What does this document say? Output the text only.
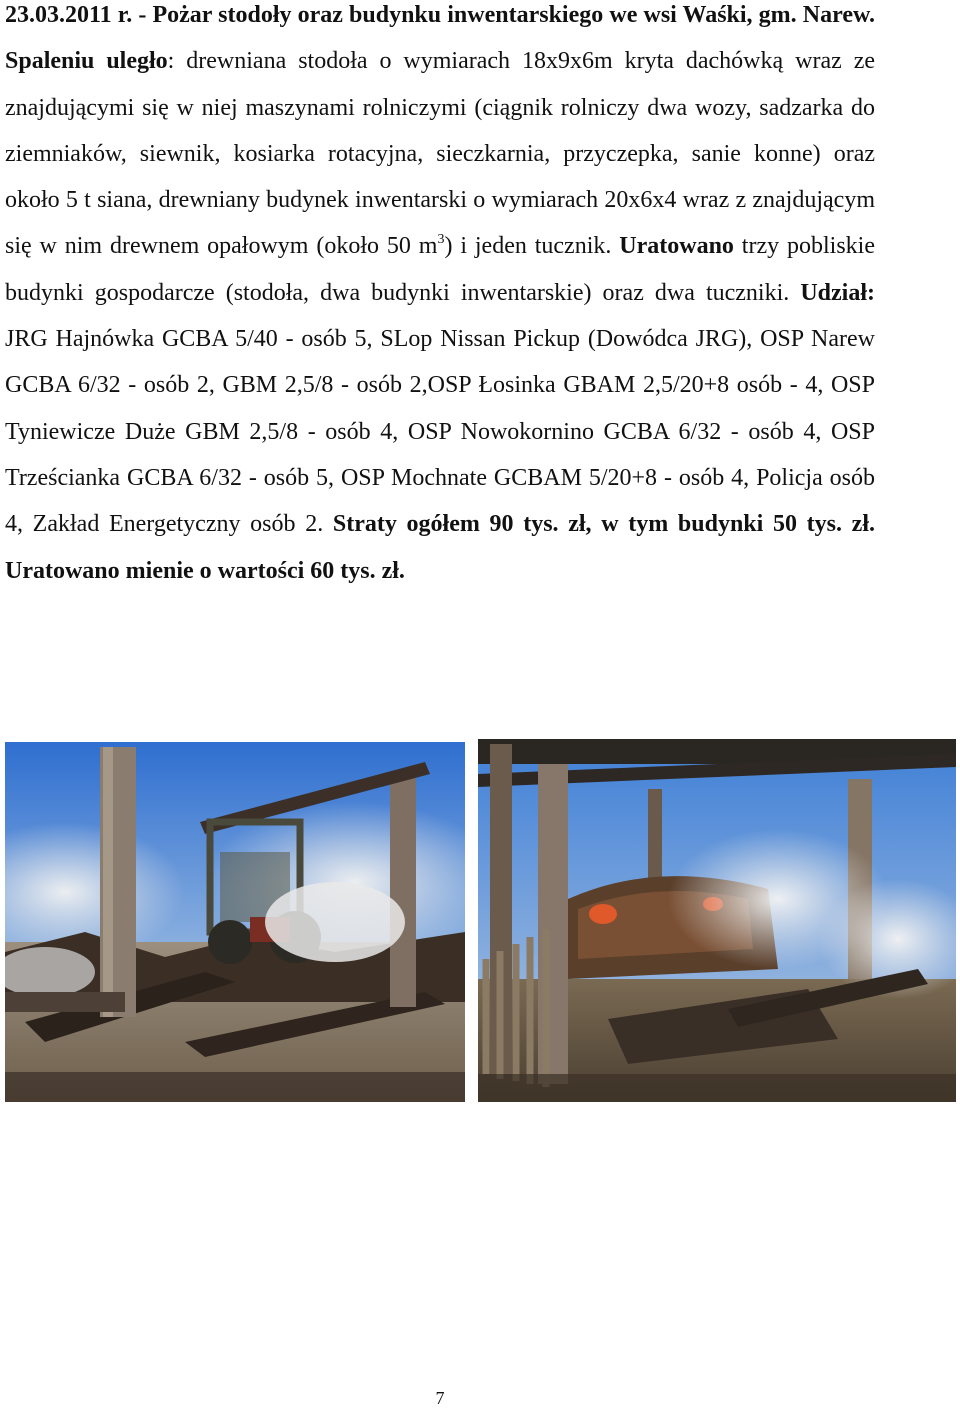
23.03.2011 r. - Pożar stodoły oraz budynku inwentarskiego we wsi Waśki, gm. Narew. Spaleniu uległo: drewniana stodoła o wymiarach 18x9x6m kryta dachówką wraz ze znajdującymi się w niej maszynami rolniczymi (ciągnik rolniczy dwa wozy, sadzarka do ziemniaków, siewnik, kosiarka rotacyjna, sieczkarnia, przyczepka, sanie konne) oraz około 5 t siana, drewniany budynek inwentarski o wymiarach 20x6x4 wraz z znajdującym się w nim drewnem opałowym (około 50 $m^3$) i jeden tucznik. Uratowano trzy pobliskie budynki gospodarcze (stodoła, dwa budynki inwentarskie) oraz dwa tuczniki. Udział: JRG Hajnówka GCBA 5/40 - osób 5, SLop Nissan Pickup (Dowódca JRG), OSP Narew GCBA 6/32 - osób 2, GBM 2,5/8 - osób 2,OSP Łosinka GBAM 2,5/20+8 osób - 4, OSP Tyniewicze Duże GBM 2,5/8 - osób 4, OSP Nowokornino GCBA 6/32 - osób 4, OSP Trześcianka GCBA 6/32 - osób 5, OSP Mochnate GCBAM 5/20+8 - osób 4, Policja osób 4, Zakład Energetyczny osób 2. Straty ogółem 90 tys. zł, w tym budynki 50 tys. zł. Uratowano mienie o wartości 60 tys. zł.
7
